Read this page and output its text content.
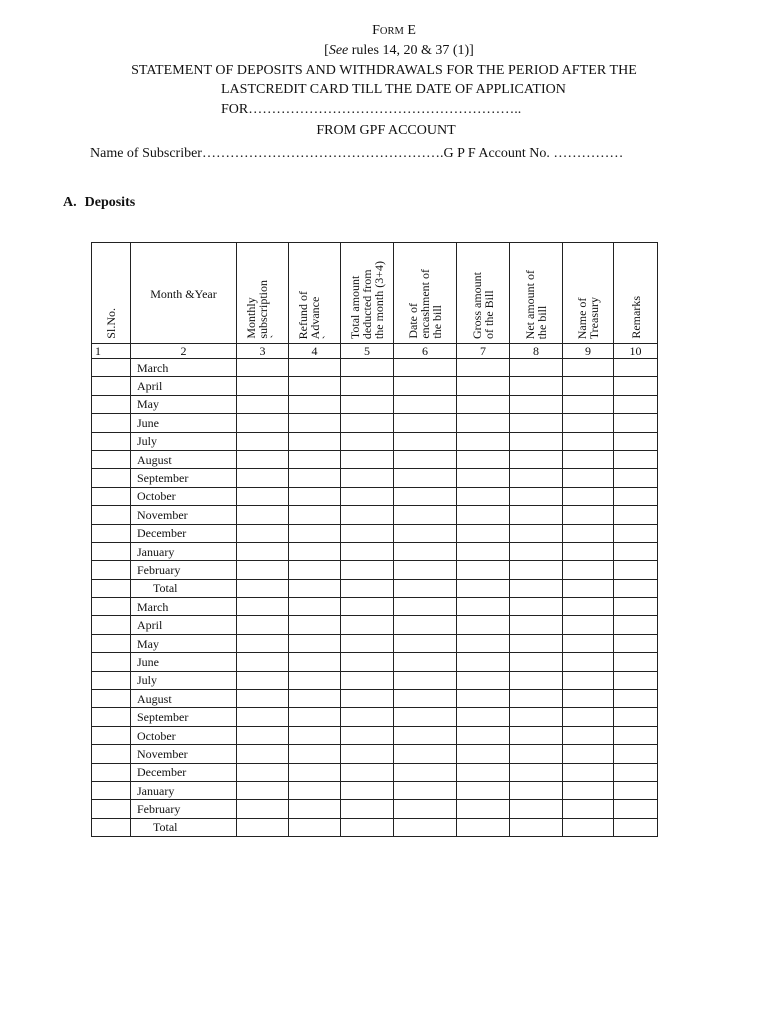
FORM E
[See rules 14, 20 & 37 (1)]
STATEMENT OF DEPOSITS AND WITHDRAWALS FOR THE PERIOD AFTER THE
LASTCREDIT CARD TILL THE DATE OF APPLICATION
FOR…………………………………………………..
FROM GPF ACCOUNT
Name of Subscriber…………………………………………….G P F Account No. ……………
A. Deposits
Sl.No.	Month &Year	Monthly
subscription
`	Refund of
Advance
`	Total amount
deducted from
the month (3+4)	Date of
encashment of
the bill	Gross amount
of the Bill	Net amount of
the bill	Name of
Treasury	Remarks

1	2	3	4	5	6	7	8	9	10
	March								
	April								
	May								
	June								
	July								
	August								
	September								
	October								
	November								
	December								
	January								
	February								
	Total								
	March								
	April								
	May								
	June								
	July								
	August								
	September								
	October								
	November								
	December								
	January								
	February								
	Total								
